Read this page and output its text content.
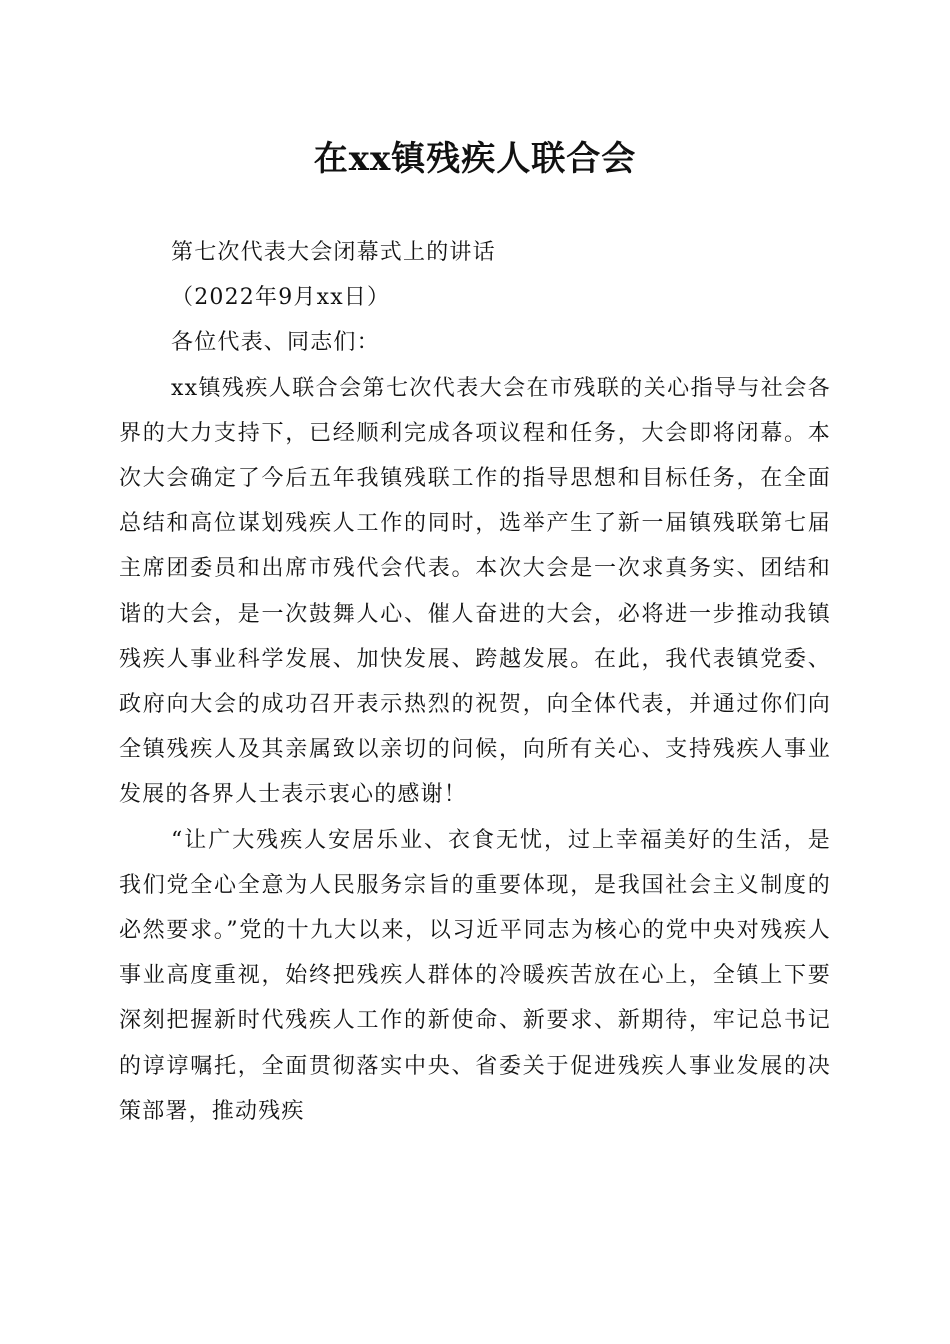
在xx镇残疾人联合会

第七次代表大会闭幕式上的讲话

（2022年9月xx日）

各位代表、同志们：

xx镇残疾人联合会第七次代表大会在市残联的关心指导与社会各界的大力支持下，已经顺利完成各项议程和任务，大会即将闭幕。本次大会确定了今后五年我镇残联工作的指导思想和目标任务，在全面总结和高位谋划残疾人工作的同时，选举产生了新一届镇残联第七届主席团委员和出席市残代会代表。本次大会是一次求真务实、团结和谐的大会，是一次鼓舞人心、催人奋进的大会，必将进一步推动我镇残疾人事业科学发展、加快发展、跨越发展。在此，我代表镇党委、政府向大会的成功召开表示热烈的祝贺，向全体代表，并通过你们向全镇残疾人及其亲属致以亲切的问候，向所有关心、支持残疾人事业发展的各界人士表示衷心的感谢！

“让广大残疾人安居乐业、衣食无忧，过上幸福美好的生活，是我们党全心全意为人民服务宗旨的重要体现，是我国社会主义制度的必然要求。”党的十九大以来，以习近平同志为核心的党中央对残疾人事业高度重视，始终把残疾人群体的冷暖疾苦放在心上，全镇上下要深刻把握新时代残疾人工作的新使命、新要求、新期待，牢记总书记的谆谆嘱托，全面贯彻落实中央、省委关于促进残疾人事业发展的决策部署，推动残疾
